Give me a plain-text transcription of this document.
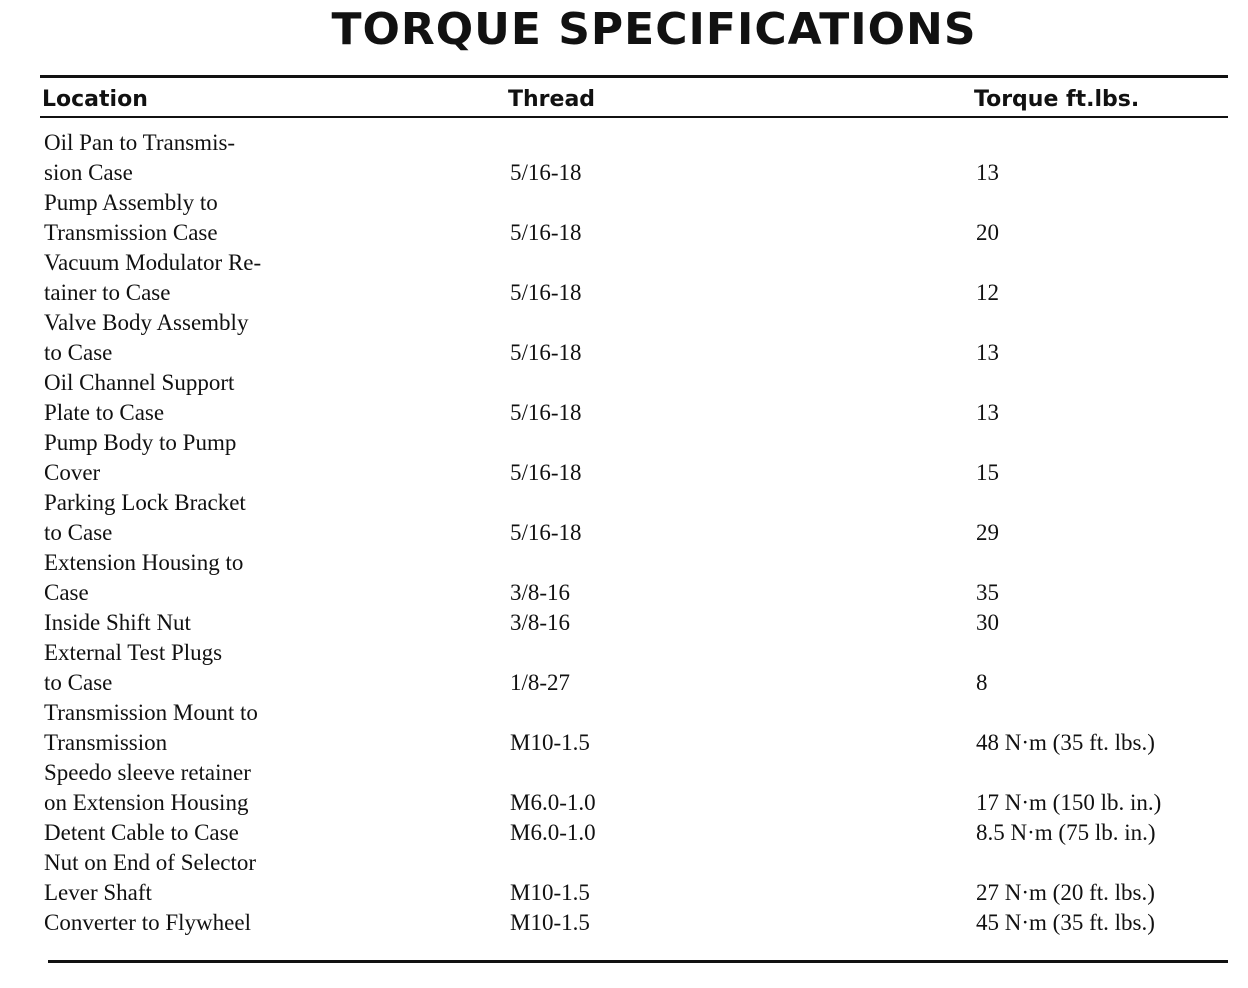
TORQUE SPECIFICATIONS
Location	Thread	Torque ft.lbs.
Oil Pan to Transmis-
sion Case	5/16-18	13
Pump Assembly to
Transmission Case	5/16-18	20
Vacuum Modulator Re-
tainer to Case	5/16-18	12
Valve Body Assembly
to Case	5/16-18	13
Oil Channel Support
Plate to Case	5/16-18	13
Pump Body to Pump
Cover	5/16-18	15
Parking Lock Bracket
to Case	5/16-18	29
Extension Housing to
Case	3/8-16	35
Inside Shift Nut	3/8-16	30
External Test Plugs
to Case	1/8-27	8
Transmission Mount to
Transmission	M10-1.5	48 N·m (35 ft. lbs.)
Speedo sleeve retainer
on Extension Housing	M6.0-1.0	17 N·m (150 lb. in.)
Detent Cable to Case	M6.0-1.0	8.5 N·m (75 lb. in.)
Nut on End of Selector
Lever Shaft	M10-1.5	27 N·m (20 ft. lbs.)
Converter to Flywheel	M10-1.5	45 N·m (35 ft. lbs.)
